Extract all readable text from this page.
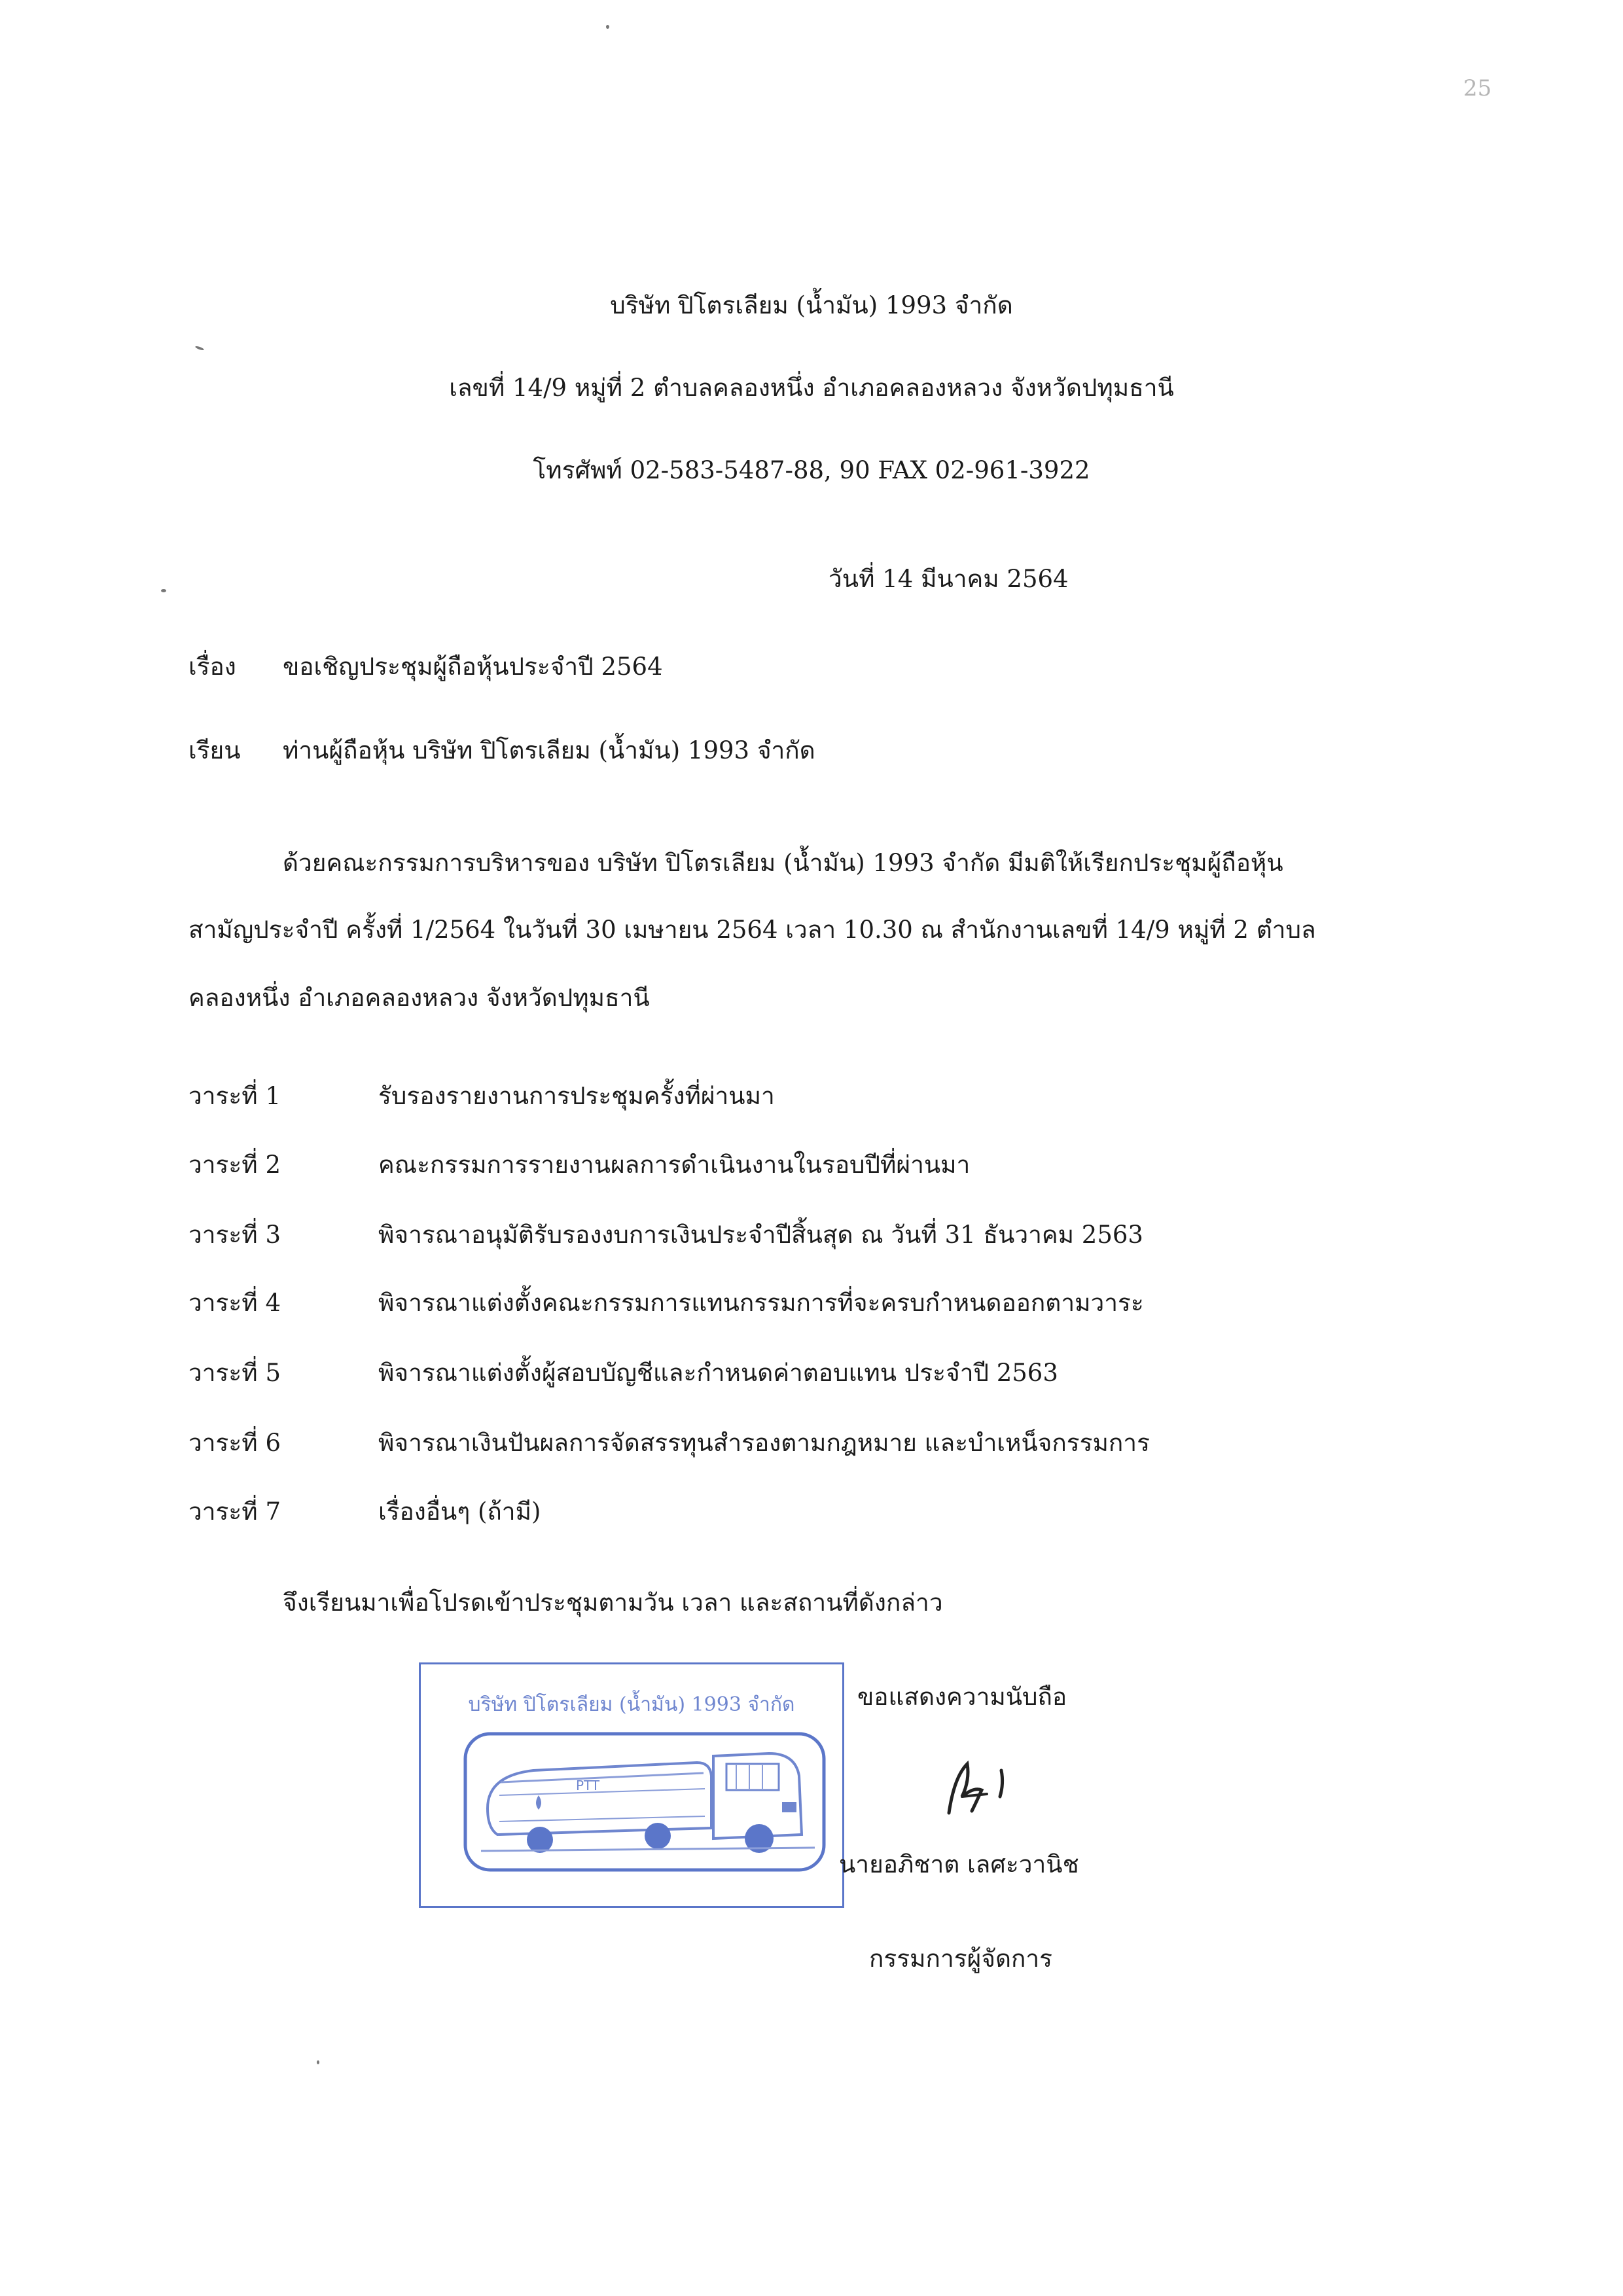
25
บริษัท ปิโตรเลียม (น้ำมัน) 1993 จำกัด
เลขที่ 14/9 หมู่ที่ 2 ตำบลคลองหนึ่ง อำเภอคลองหลวง จังหวัดปทุมธานี
โทรศัพท์ 02-583-5487-88, 90 FAX 02-961-3922
วันที่ 14 มีนาคม 2564
เรื่อง ขอเชิญประชุมผู้ถือหุ้นประจำปี 2564
เรียน ท่านผู้ถือหุ้น บริษัท ปิโตรเลียม (น้ำมัน) 1993 จำกัด
ด้วยคณะกรรมการบริหารของ บริษัท ปิโตรเลียม (น้ำมัน) 1993 จำกัด มีมติให้เรียกประชุมผู้ถือหุ้น
สามัญประจำปี ครั้งที่ 1/2564 ในวันที่ 30 เมษายน 2564 เวลา 10.30 ณ สำนักงานเลขที่ 14/9 หมู่ที่ 2 ตำบล
คลองหนึ่ง อำเภอคลองหลวง จังหวัดปทุมธานี
วาระที่ 1	รับรองรายงานการประชุมครั้งที่ผ่านมา
วาระที่ 2	คณะกรรมการรายงานผลการดำเนินงานในรอบปีที่ผ่านมา
วาระที่ 3	พิจารณาอนุมัติรับรองงบการเงินประจำปีสิ้นสุด ณ วันที่ 31 ธันวาคม 2563
วาระที่ 4	พิจารณาแต่งตั้งคณะกรรมการแทนกรรมการที่จะครบกำหนดออกตามวาระ
วาระที่ 5	พิจารณาแต่งตั้งผู้สอบบัญชีและกำหนดค่าตอบแทน ประจำปี 2563
วาระที่ 6	พิจารณาเงินปันผลการจัดสรรทุนสำรองตามกฎหมาย และบำเหน็จกรรมการ
วาระที่ 7	เรื่องอื่นๆ (ถ้ามี)
จึงเรียนมาเพื่อโปรดเข้าประชุมตามวัน เวลา และสถานที่ดังกล่าว
บริษัท ปิโตรเลียม (น้ำมัน) 1993 จำกัด
PTT
ขอแสดงความนับถือ
นายอภิชาต เลศะวานิช
กรรมการผู้จัดการ
